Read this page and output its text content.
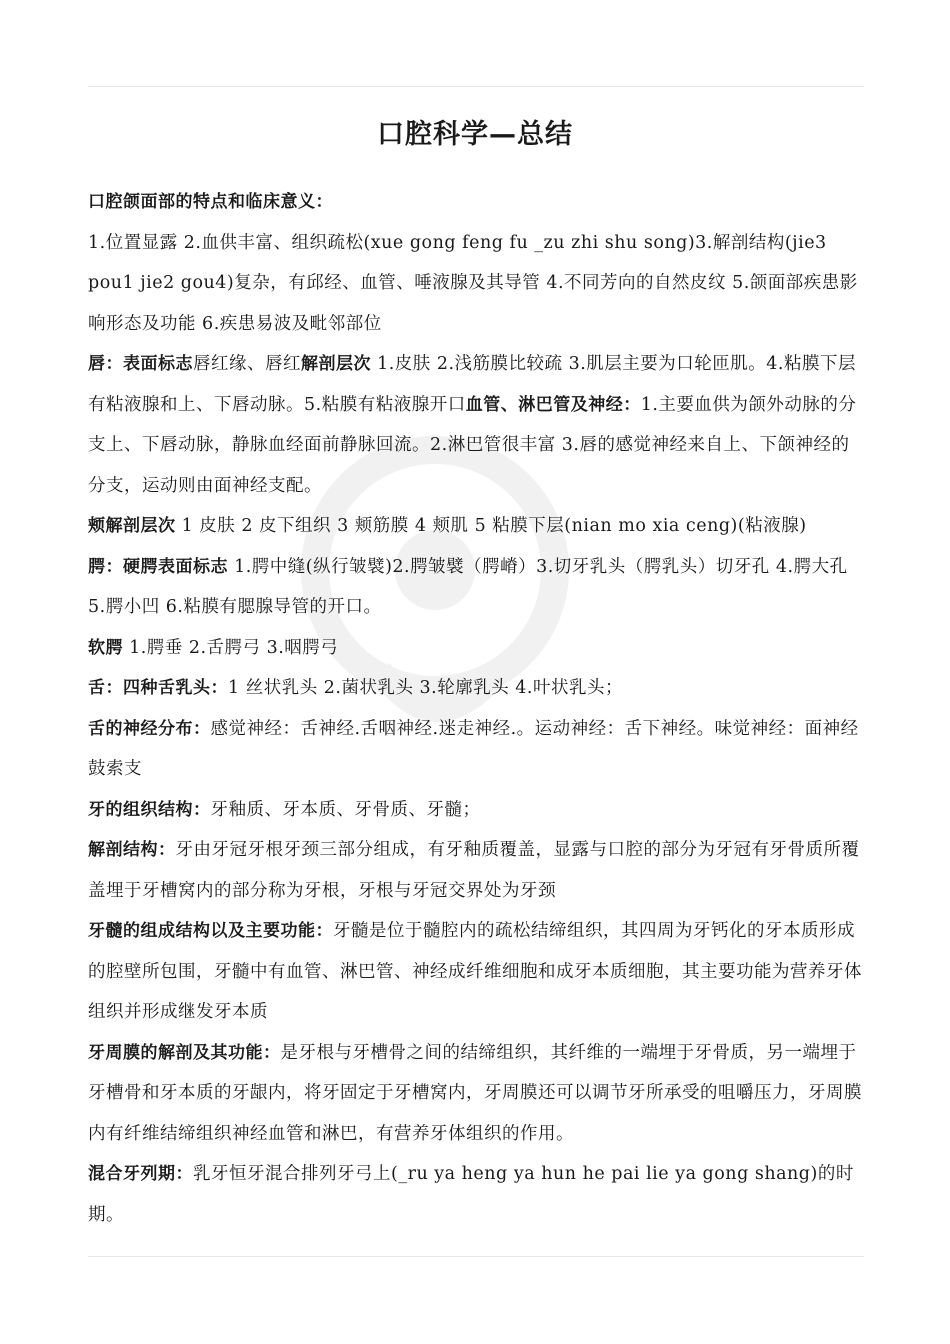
口腔科学—总结
口腔颌面部的特点和临床意义：
1.位置显露 2.血供丰富、组织疏松(xue gong feng fu _zu zhi shu song)3.解剖结构(jie3 pou1 jie2 gou4)复杂，有邱经、血管、唾液腺及其导管 4.不同芳向的自然皮纹 5.颌面部疾患影响形态及功能 6.疾患易波及毗邻部位
唇：表面标志唇红缘、唇红解剖层次 1.皮肤 2.浅筋膜比较疏 3.肌层主要为口轮匝肌。4.粘膜下层有粘液腺和上、下唇动脉。5.粘膜有粘液腺开口血管、淋巴管及神经：1.主要血供为颌外动脉的分支上、下唇动脉，静脉血经面前静脉回流。2.淋巴管很丰富 3.唇的感觉神经来自上、下颌神经的分支，运动则由面神经支配。
颊解剖层次 1 皮肤 2 皮下组织 3 颊筋膜 4 颊肌 5 粘膜下层(nian mo xia ceng)(粘液腺)
腭：硬腭表面标志 1.腭中缝(纵行皱襞)2.腭皱襞（腭嵴）3.切牙乳头（腭乳头）切牙孔 4.腭大孔 5.腭小凹 6.粘膜有腮腺导管的开口。
软腭 1.腭垂 2.舌腭弓 3.咽腭弓
舌：四种舌乳头：1 丝状乳头 2.菌状乳头 3.轮廓乳头 4.叶状乳头；
舌的神经分布：感觉神经：舌神经.舌咽神经.迷走神经.。运动神经：舌下神经。味觉神经：面神经鼓索支
牙的组织结构：牙釉质、牙本质、牙骨质、牙髓；
解剖结构：牙由牙冠牙根牙颈三部分组成，有牙釉质覆盖，显露与口腔的部分为牙冠有牙骨质所覆盖埋于牙槽窝内的部分称为牙根，牙根与牙冠交界处为牙颈
牙髓的组成结构以及主要功能：牙髓是位于髓腔内的疏松结缔组织，其四周为牙钙化的牙本质形成的腔壁所包围，牙髓中有血管、淋巴管、神经成纤维细胞和成牙本质细胞，其主要功能为营养牙体组织并形成继发牙本质
牙周膜的解剖及其功能：是牙根与牙槽骨之间的结缔组织，其纤维的一端埋于牙骨质，另一端埋于牙槽骨和牙本质的牙龈内，将牙固定于牙槽窝内，牙周膜还可以调节牙所承受的咀嚼压力，牙周膜内有纤维结缔组织神经血管和淋巴，有营养牙体组织的作用。
混合牙列期：乳牙恒牙混合排列牙弓上(_ru ya heng ya hun he pai lie ya gong shang)的时期。
